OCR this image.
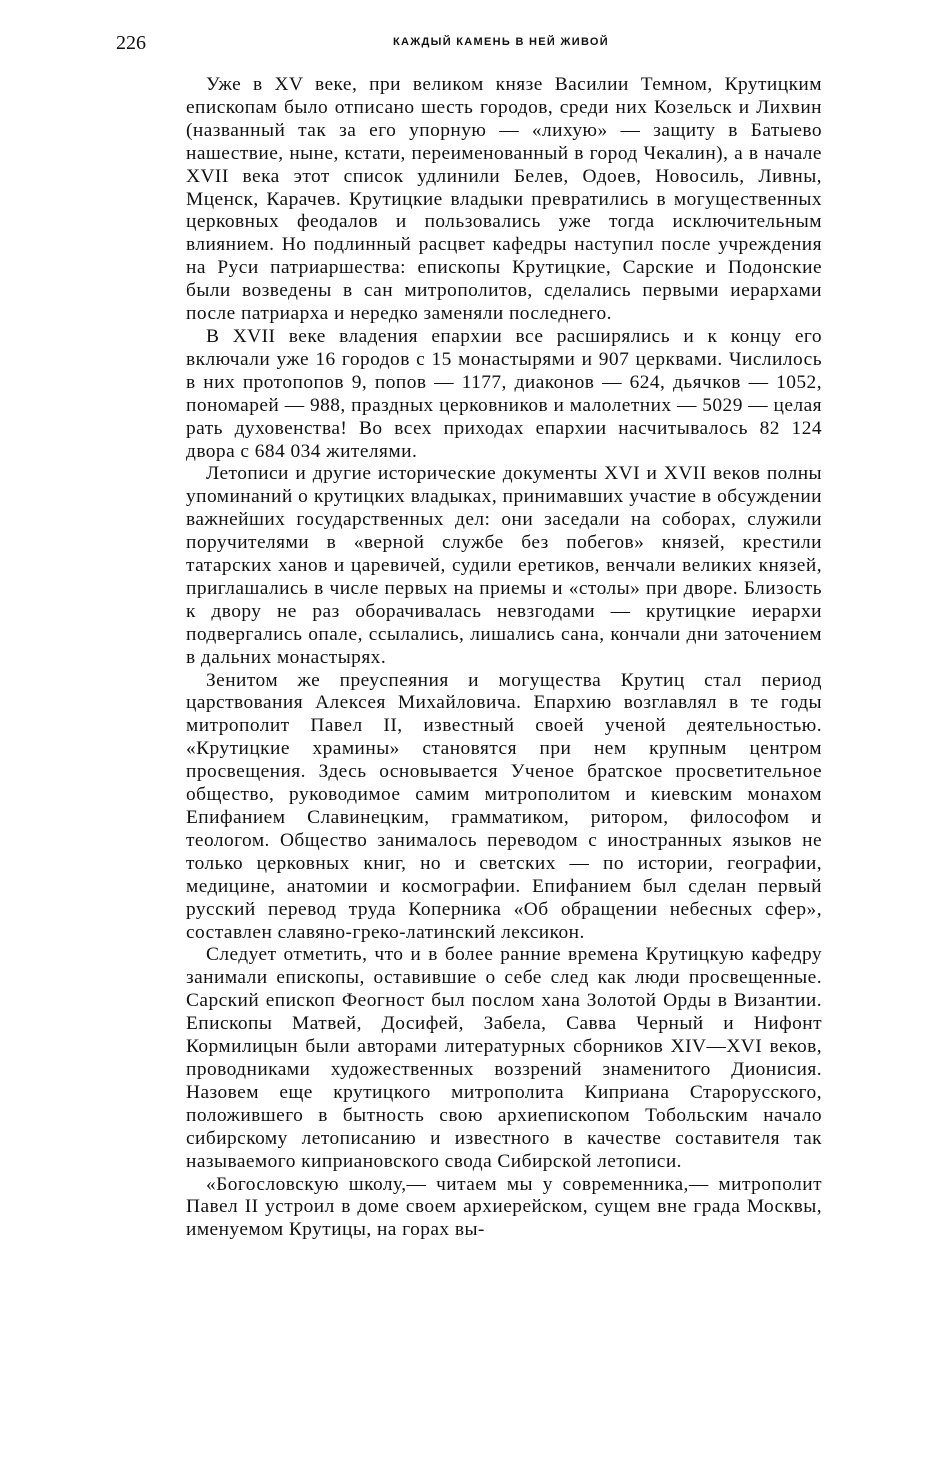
226	КАЖДЫЙ КАМЕНЬ В НЕЙ ЖИВОЙ

Уже в XV веке, при великом князе Василии Темном, Крутицким епископам было отписано шесть городов, среди них Козельск и Лихвин (названный так за его упорную — «лихую» — защиту в Батыево нашествие, ныне, кстати, переименованный в город Чекалин), а в начале XVII века этот список удлинили Белев, Одоев, Новосиль, Ливны, Мценск, Карачев. Крутицкие владыки превратились в могущественных церковных феодалов и пользовались уже тогда исключительным влиянием. Но подлинный расцвет кафедры наступил после учреждения на Руси патриаршества: епископы Крутицкие, Сарские и Подонские были возведены в сан митрополитов, сделались первыми иерархами после патриарха и нередко заменяли последнего.

В XVII веке владения епархии все расширялись и к концу его включали уже 16 городов с 15 монастырями и 907 церквами. Числилось в них протопопов 9, попов — 1177, диаконов — 624, дьячков — 1052, пономарей — 988, праздных церковников и малолетних — 5029 — целая рать духовенства! Во всех приходах епархии насчитывалось 82 124 двора с 684 034 жителями.

Летописи и другие исторические документы XVI и XVII веков полны упоминаний о крутицких владыках, принимавших участие в обсуждении важнейших государственных дел: они заседали на соборах, служили поручителями в «верной службе без побегов» князей, крестили татарских ханов и царевичей, судили еретиков, венчали великих князей, приглашались в числе первых на приемы и «столы» при дворе. Близость к двору не раз оборачивалась невзгодами — крутицкие иерархи подвергались опале, ссылались, лишались сана, кончали дни заточением в дальних монастырях.

Зенитом же преуспеяния и могущества Крутиц стал период царствования Алексея Михайловича. Епархию возглавлял в те годы митрополит Павел II, известный своей ученой деятельностью. «Крутицкие храмины» становятся при нем крупным центром просвещения. Здесь основывается Ученое братское просветительное общество, руководимое самим митрополитом и киевским монахом Епифанием Славинецким, грамматиком, ритором, философом и теологом. Общество занималось переводом с иностранных языков не только церковных книг, но и светских — по истории, географии, медицине, анатомии и космографии. Епифанием был сделан первый русский перевод труда Коперника «Об обращении небесных сфер», составлен славяно-греко-латинский лексикон.

Следует отметить, что и в более ранние времена Крутицкую кафедру занимали епископы, оставившие о себе след как люди просвещенные. Сарский епископ Феогност был послом хана Золотой Орды в Византии. Епископы Матвей, Досифей, Забела, Савва Черный и Нифонт Кормилицын были авторами литературных сборников XIV—XVI веков, проводниками художественных воззрений знаменитого Дионисия. Назовем еще крутицкого митрополита Киприана Старорусского, положившего в бытность свою архиепископом Тобольским начало сибирскому летописанию и известного в качестве составителя так называемого киприановского свода Сибирской летописи.

«Богословскую школу,— читаем мы у современника,— митрополит Павел II устроил в доме своем архиерейском, сущем вне града Москвы, именуемом Крутицы, на горах вы-
